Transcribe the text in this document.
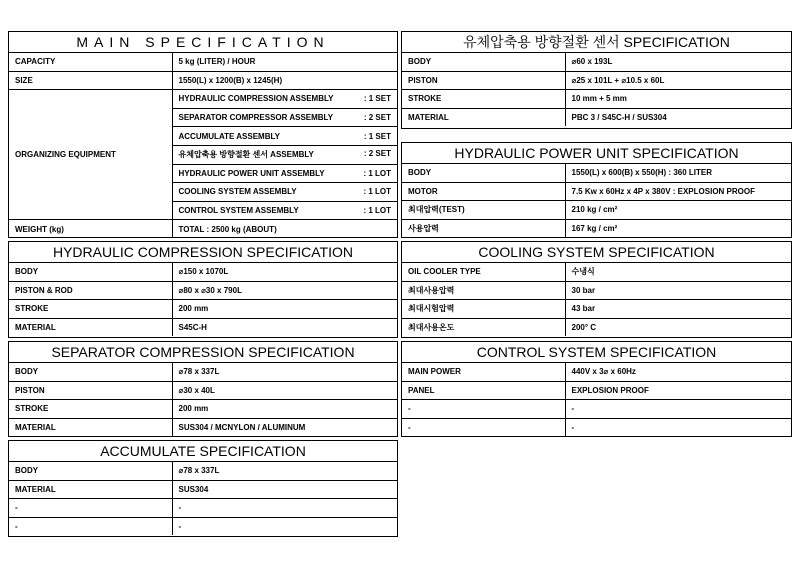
MAIN SPECIFICATION
CAPACITY	5 kg (LITER) / HOUR
SIZE	1550(L) x 1200(B) x 1245(H)
ORGANIZING EQUIPMENT	HYDRAULIC COMPRESSION ASSEMBLY : 1 SET

	SEPARATOR COMPRESSOR ASSEMBLY : 2 SET

	ACCUMULATE ASSEMBLY : 1 SET

	유체압축용 방향절환 센서 ASSEMBLY : 2 SET

	HYDRAULIC POWER UNIT ASSEMBLY : 1 LOT

	COOLING SYSTEM ASSEMBLY : 1 LOT

	CONTROL SYSTEM ASSEMBLY : 1 LOT

WEIGHT (kg)	TOTAL : 2500 kg (ABOUT)
유체압축용 방향절환 센서 SPECIFICATION
BODY	⌀60 x 193L
PISTON	⌀25 x 101L + ⌀10.5 x 60L
STROKE	10 mm + 5 mm
MATERIAL	PBC 3 / S45C-H / SUS304
HYDRAULIC POWER UNIT SPECIFICATION
BODY	1550(L) x 600(B) x 550(H) : 360 LITER
MOTOR	7.5 Kw x 60Hz x 4P x 380V : EXPLOSION PROOF
최대압력(TEST)	210 kg / cm²
사용압력	167 kg / cm²
HYDRAULIC COMPRESSION SPECIFICATION
BODY	⌀150 x 1070L
PISTON & ROD	⌀80 x ⌀30 x 790L
STROKE	200 mm
MATERIAL	S45C-H
COOLING SYSTEM SPECIFICATION
OIL COOLER TYPE	수냉식
최대사용압력	30 bar
최대시험압력	43 bar
최대사용온도	200° C
SEPARATOR COMPRESSION SPECIFICATION
BODY	⌀78 x 337L
PISTON	⌀30 x 40L
STROKE	200 mm
MATERIAL	SUS304 / MCNYLON / ALUMINUM
CONTROL SYSTEM SPECIFICATION
MAIN POWER	440V x 3⌀ x 60Hz
PANEL	EXPLOSION PROOF
-	-
-	-
ACCUMULATE SPECIFICATION
BODY	⌀78 x 337L
MATERIAL	SUS304
-	-
-	-
